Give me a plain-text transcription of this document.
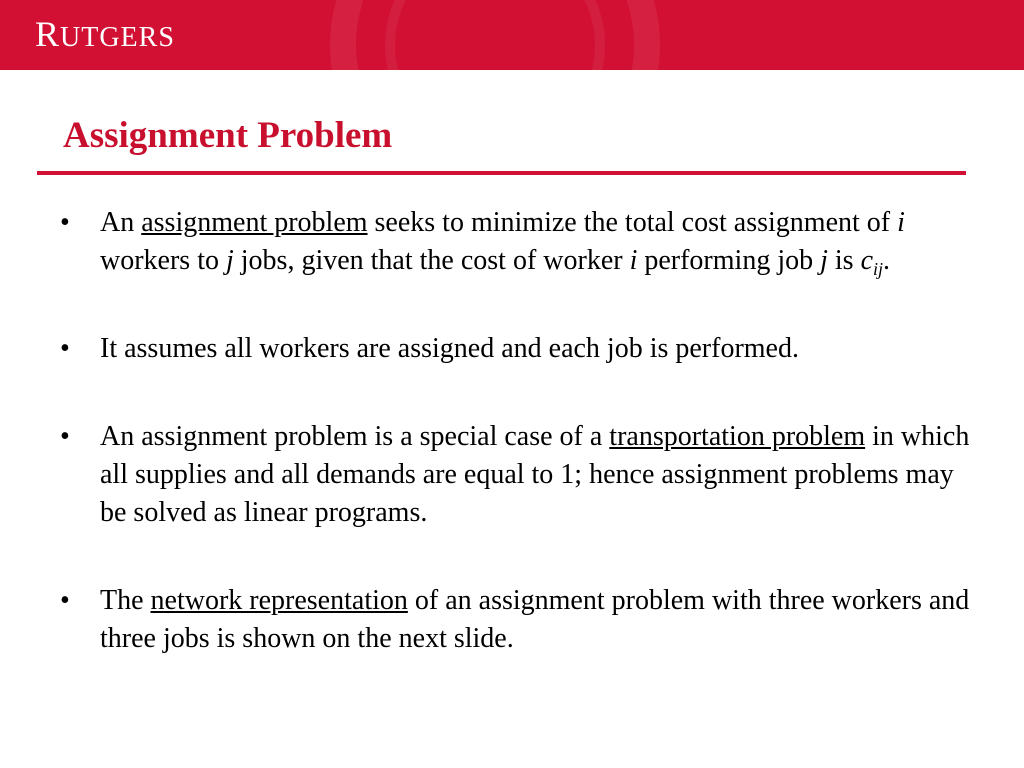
RUTGERS
Assignment Problem
• An assignment problem seeks to minimize the total cost assignment of i workers to j jobs, given that the cost of worker i performing job j is $c_{ij}$.
• It assumes all workers are assigned and each job is performed.
• An assignment problem is a special case of a transportation problem in which all supplies and all demands are equal to 1; hence assignment problems may be solved as linear programs.
• The network representation of an assignment problem with three workers and three jobs is shown on the next slide.
